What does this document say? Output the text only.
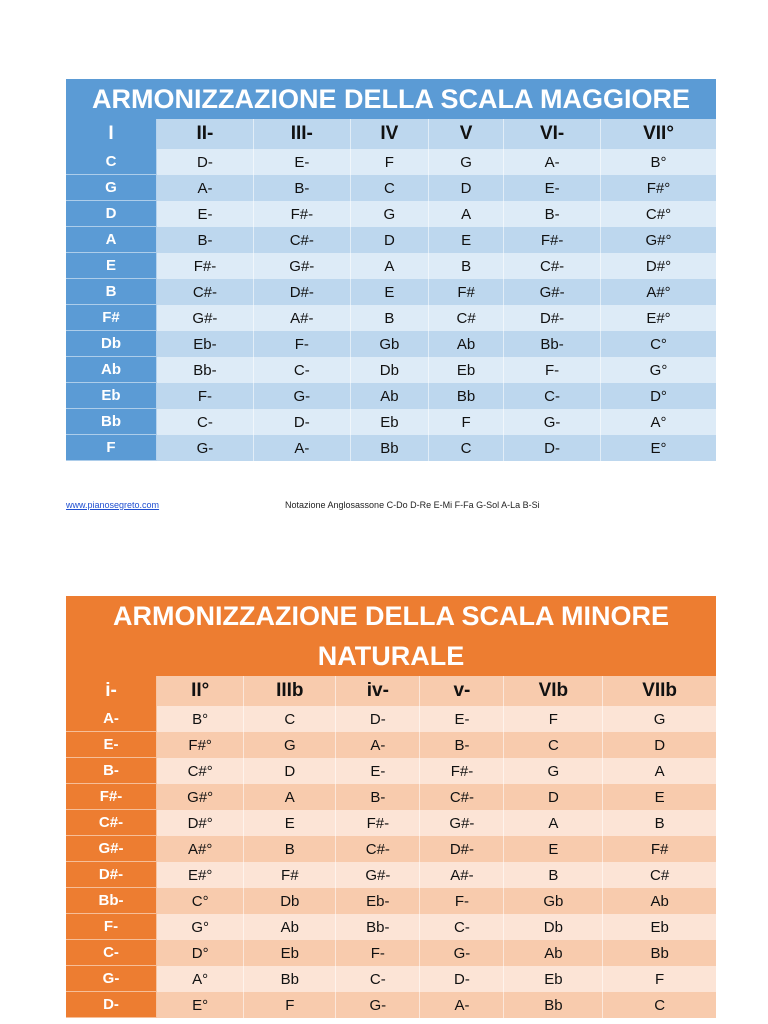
ARMONIZZAZIONE DELLA SCALA MAGGIORE						
I	II-	III-	IV	V	VI-	VII°
C	D-	E-	F	G	A-	B°
G	A-	B-	C	D	E-	F#°
D	E-	F#-	G	A	B-	C#°
A	B-	C#-	D	E	F#-	G#°
E	F#-	G#-	A	B	C#-	D#°
B	C#-	D#-	E	F#	G#-	A#°
F#	G#-	A#-	B	C#	D#-	E#°
Db	Eb-	F-	Gb	Ab	Bb-	C°
Ab	Bb-	C-	Db	Eb	F-	G°
Eb	F-	G-	Ab	Bb	C-	D°
Bb	C-	D-	Eb	F	G-	A°
F	G-	A-	Bb	C	D-	E°
www.pianosegreto.com	Notazione Anglosassone C-Do D-Re E-Mi F-Fa G-Sol A-La B-Si
ARMONIZZAZIONE DELLA SCALA MINORE
NATURALE						

i-	II°	IIIb	iv-	v-	VIb	VIIb
A-	B°	C	D-	E-	F	G
E-	F#°	G	A-	B-	C	D
B-	C#°	D	E-	F#-	G	A
F#-	G#°	A	B-	C#-	D	E
C#-	D#°	E	F#-	G#-	A	B
G#-	A#°	B	C#-	D#-	E	F#
D#-	E#°	F#	G#-	A#-	B	C#
Bb-	C°	Db	Eb-	F-	Gb	Ab
F-	G°	Ab	Bb-	C-	Db	Eb
C-	D°	Eb	F-	G-	Ab	Bb
G-	A°	Bb	C-	D-	Eb	F
D-	E°	F	G-	A-	Bb	C
